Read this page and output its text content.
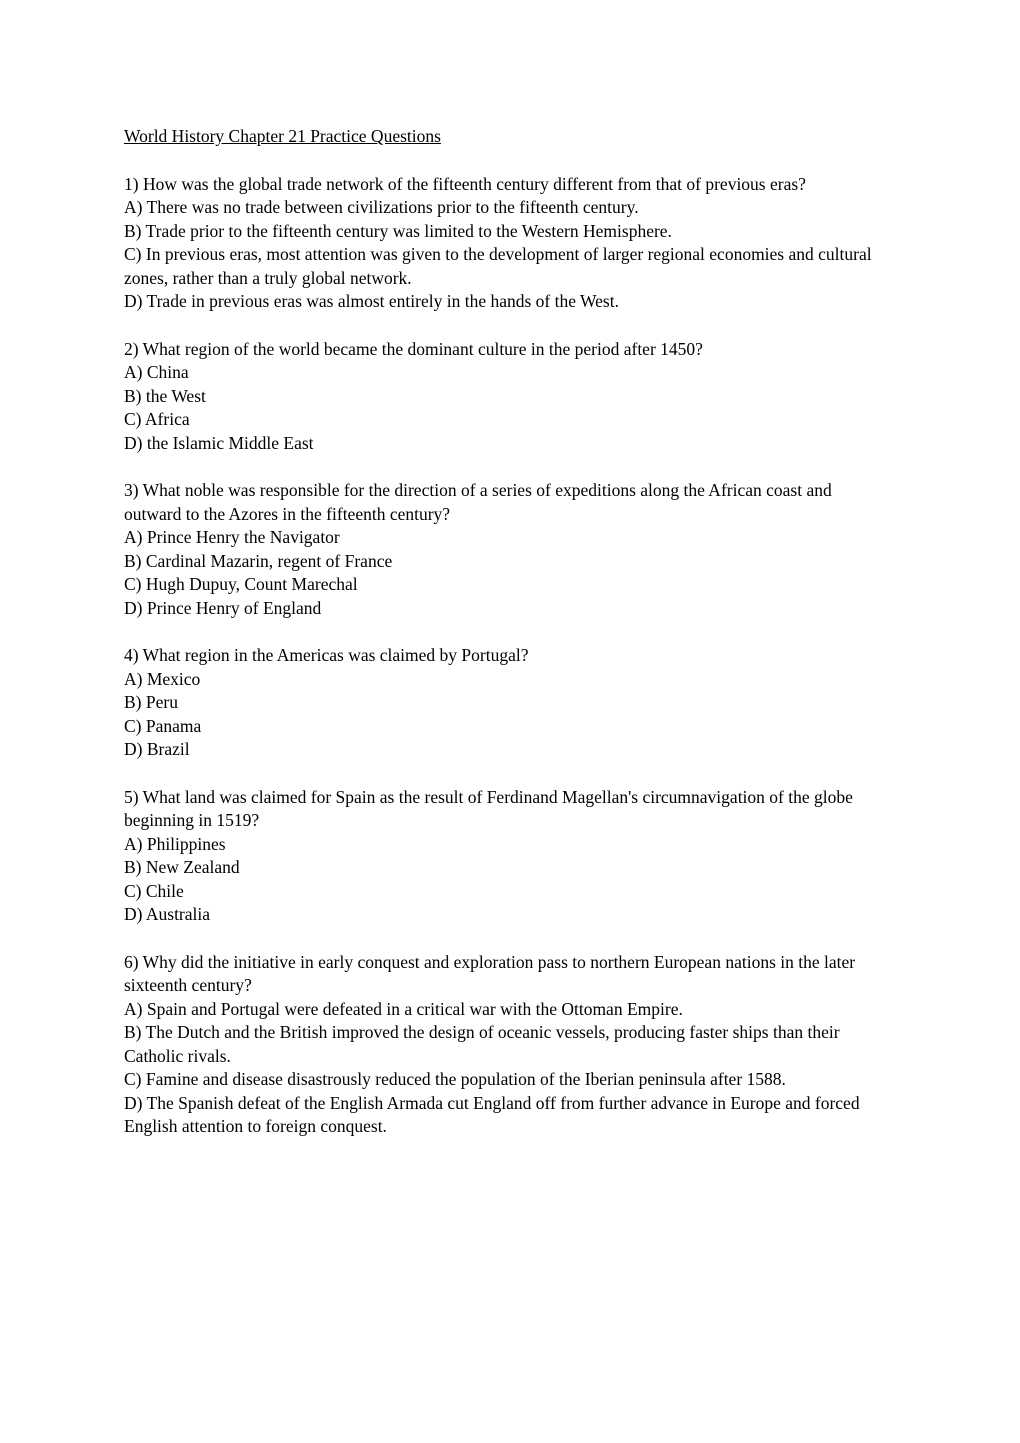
World History Chapter 21 Practice Questions

1) How was the global trade network of the fifteenth century different from that of previous eras?

A) There was no trade between civilizations prior to the fifteenth century.

B) Trade prior to the fifteenth century was limited to the Western Hemisphere.

C) In previous eras, most attention was given to the development of larger regional economies and cultural zones, rather than a truly global network.

D) Trade in previous eras was almost entirely in the hands of the West.

2) What region of the world became the dominant culture in the period after 1450?

A) China

B) the West

C) Africa

D) the Islamic Middle East

3) What noble was responsible for the direction of a series of expeditions along the African coast and outward to the Azores in the fifteenth century?

A) Prince Henry the Navigator

B) Cardinal Mazarin, regent of France

C) Hugh Dupuy, Count Marechal

D) Prince Henry of England

4) What region in the Americas was claimed by Portugal?

A) Mexico

B) Peru

C) Panama

D) Brazil

5) What land was claimed for Spain as the result of Ferdinand Magellan's circumnavigation of the globe beginning in 1519?

A) Philippines

B) New Zealand

C) Chile

D) Australia

6) Why did the initiative in early conquest and exploration pass to northern European nations in the later sixteenth century?

A) Spain and Portugal were defeated in a critical war with the Ottoman Empire.

B) The Dutch and the British improved the design of oceanic vessels, producing faster ships than their Catholic rivals.

C) Famine and disease disastrously reduced the population of the Iberian peninsula after 1588.

D) The Spanish defeat of the English Armada cut England off from further advance in Europe and forced English attention to foreign conquest.
